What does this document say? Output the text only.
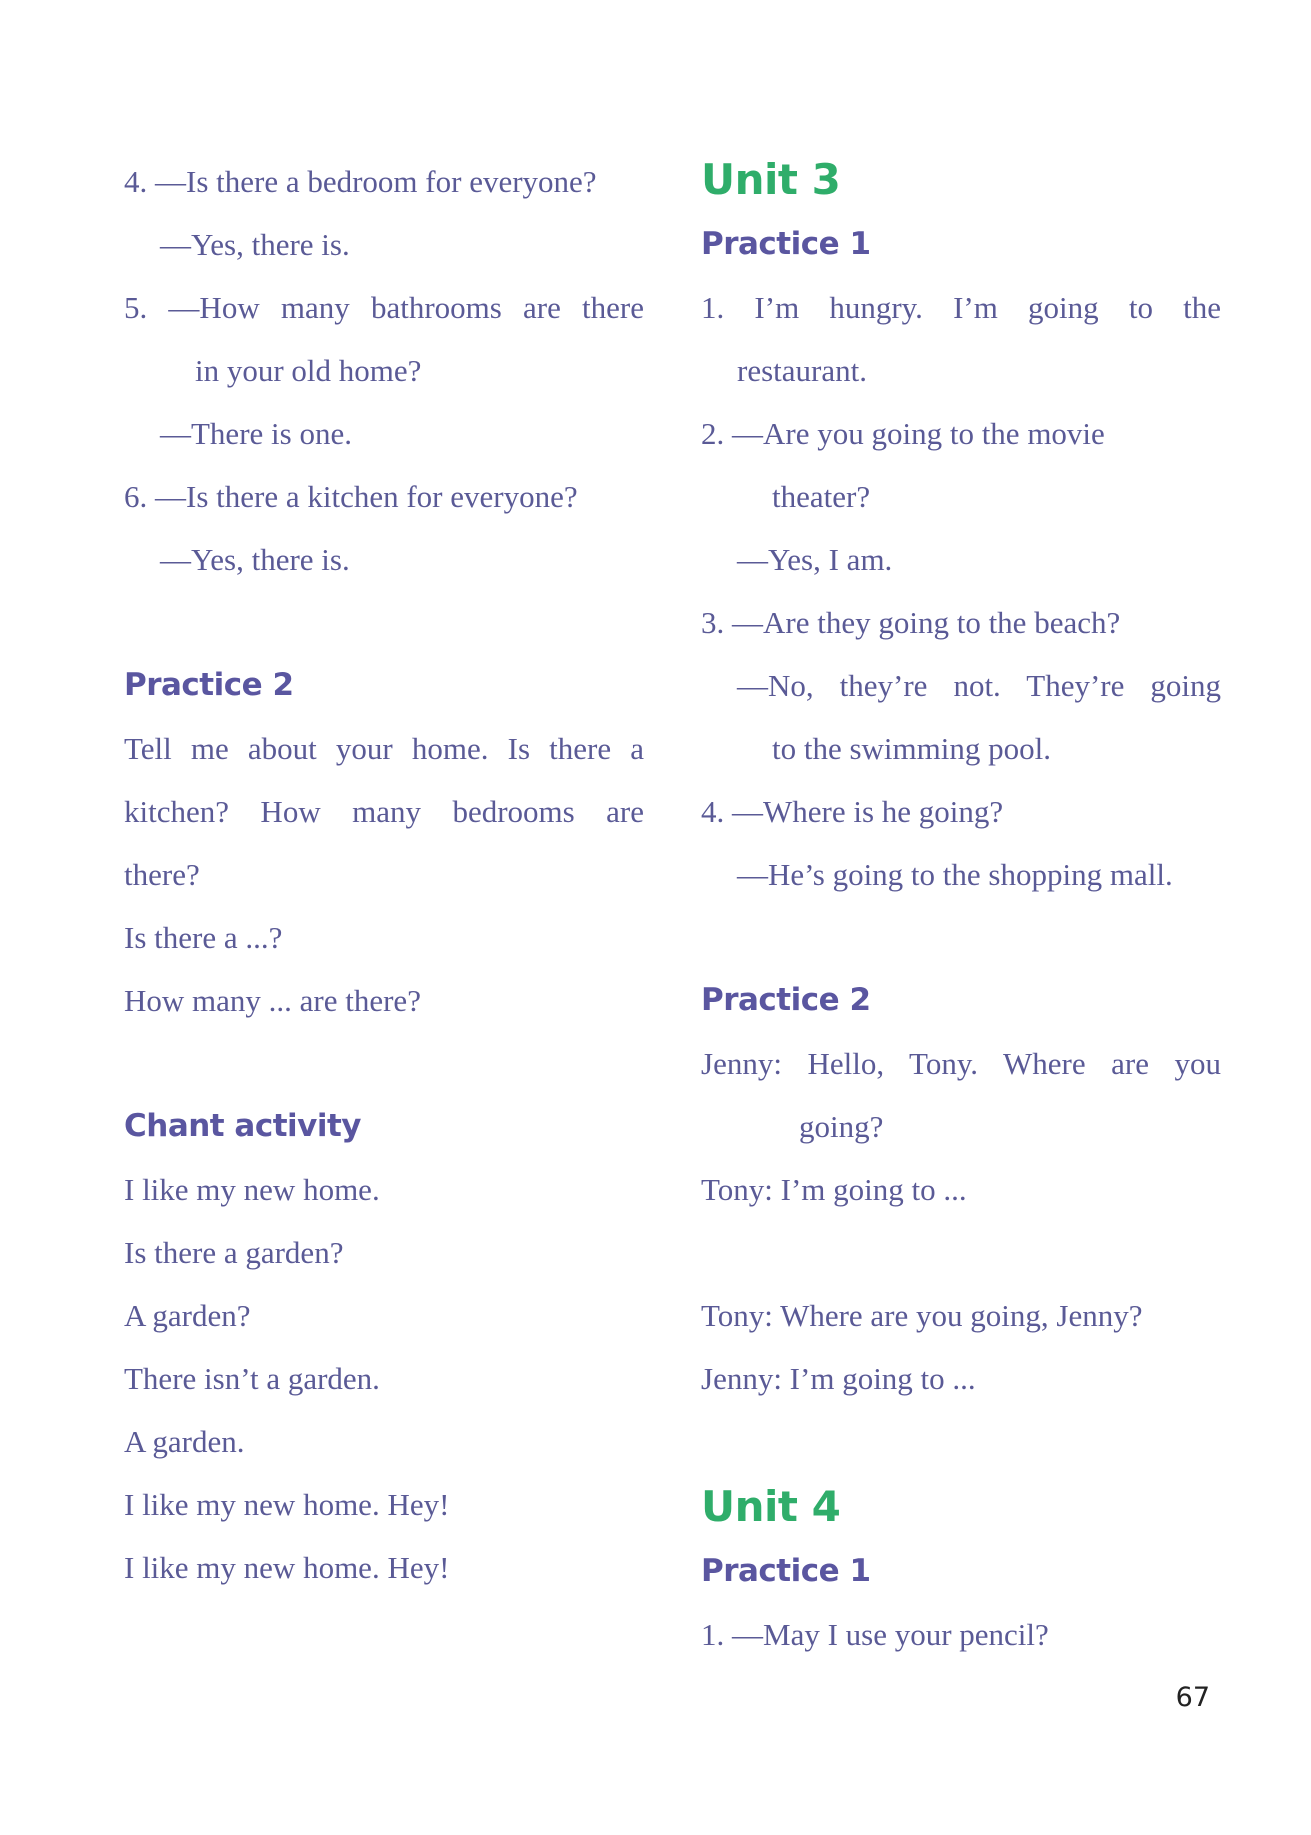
4. —Is there a bedroom for everyone?
—Yes, there is.
5. —How many bathrooms are there
in your old home?
—There is one.
6. —Is there a kitchen for everyone?
—Yes, there is.
Practice 2
Tell me about your home. Is there a
kitchen? How many bedrooms are
there?
Is there a ...?
How many ... are there?
Chant activity
I like my new home.
Is there a garden?
A garden?
There isn’t a garden.
A garden.
I like my new home. Hey!
I like my new home. Hey!
Unit 3
Practice 1
1. I’m hungry. I’m going to the
restaurant.
2. —Are you going to the movie
theater?
—Yes, I am.
3. —Are they going to the beach?
—No, they’re not. They’re going
to the swimming pool.
4. —Where is he going?
—He’s going to the shopping mall.
Practice 2
Jenny: Hello, Tony. Where are you
going?
Tony: I’m going to ...
Tony: Where are you going, Jenny?
Jenny: I’m going to ...
Unit 4
Practice 1
1. —May I use your pencil?
67
